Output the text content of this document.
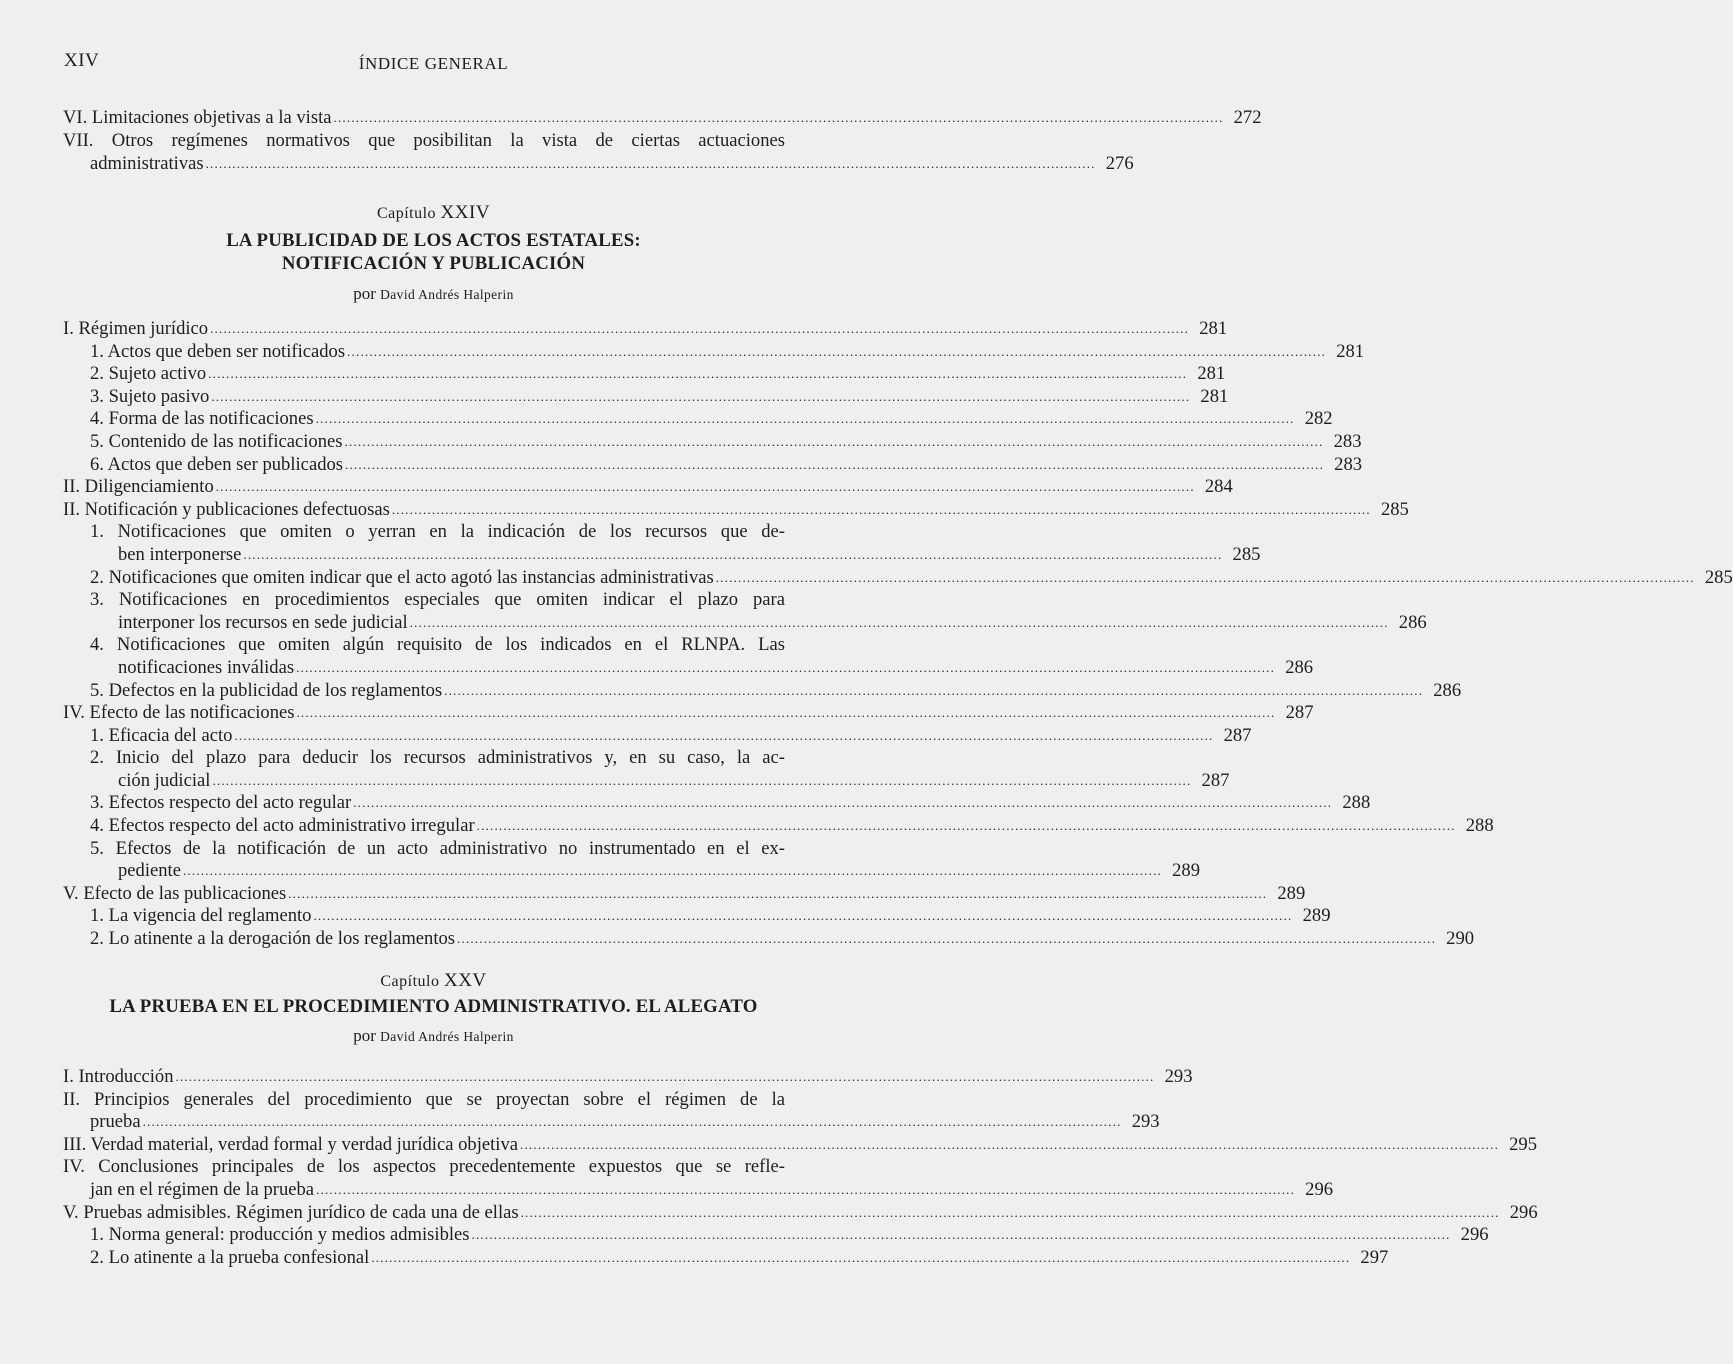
XIV	ÍNDICE GENERAL
VI. Limitaciones objetivas a la vista ........................................................................................................................................................................................................ 272
VII. Otros regímenes normativos que posibilitan la vista de ciertas actuaciones
administrativas ........................................................................................................................................................................................................ 276
Capítulo XXIV
LA PUBLICIDAD DE LOS ACTOS ESTATALES:
NOTIFICACIÓN Y PUBLICACIÓN
por David Andrés Halperin
I. Régimen jurídico ............................................................................................................................................................................................................................ 281
1. Actos que deben ser notificados ............................................................................................................................................................................................................................ 281
2. Sujeto activo ............................................................................................................................................................................................................................ 281
3. Sujeto pasivo ............................................................................................................................................................................................................................ 281
4. Forma de las notificaciones ............................................................................................................................................................................................................................ 282
5. Contenido de las notificaciones ............................................................................................................................................................................................................................ 283
6. Actos que deben ser publicados ............................................................................................................................................................................................................................ 283
II. Diligenciamiento ............................................................................................................................................................................................................................ 284
II. Notificación y publicaciones defectuosas ............................................................................................................................................................................................................................ 285
1. Notificaciones que omiten o yerran en la indicación de los recursos que de-
ben interponerse ............................................................................................................................................................................................................................ 285
2. Notificaciones que omiten indicar que el acto agotó las instancias administrativas ............................................................................................................................................................................................................................ 285
3. Notificaciones en procedimientos especiales que omiten indicar el plazo para
interponer los recursos en sede judicial ............................................................................................................................................................................................................................ 286
4. Notificaciones que omiten algún requisito de los indicados en el RLNPA. Las
notificaciones inválidas ............................................................................................................................................................................................................................ 286
5. Defectos en la publicidad de los reglamentos ............................................................................................................................................................................................................................ 286
IV. Efecto de las notificaciones ............................................................................................................................................................................................................................ 287
1. Eficacia del acto ............................................................................................................................................................................................................................ 287
2. Inicio del plazo para deducir los recursos administrativos y, en su caso, la ac-
ción judicial ............................................................................................................................................................................................................................ 287
3. Efectos respecto del acto regular ............................................................................................................................................................................................................................ 288
4. Efectos respecto del acto administrativo irregular ............................................................................................................................................................................................................................ 288
5. Efectos de la notificación de un acto administrativo no instrumentado en el ex-
pediente ............................................................................................................................................................................................................................ 289
V. Efecto de las publicaciones ............................................................................................................................................................................................................................ 289
1. La vigencia del reglamento ............................................................................................................................................................................................................................ 289
2. Lo atinente a la derogación de los reglamentos ............................................................................................................................................................................................................................ 290
Capítulo XXV
LA PRUEBA EN EL PROCEDIMIENTO ADMINISTRATIVO. EL ALEGATO
por David Andrés Halperin
I. Introducción ............................................................................................................................................................................................................................ 293
II. Principios generales del procedimiento que se proyectan sobre el régimen de la
prueba ............................................................................................................................................................................................................................ 293
III. Verdad material, verdad formal y verdad jurídica objetiva ............................................................................................................................................................................................................................ 295
IV. Conclusiones principales de los aspectos precedentemente expuestos que se refle-
jan en el régimen de la prueba ............................................................................................................................................................................................................................ 296
V. Pruebas admisibles. Régimen jurídico de cada una de ellas ............................................................................................................................................................................................................................ 296
1. Norma general: producción y medios admisibles ............................................................................................................................................................................................................................ 296
2. Lo atinente a la prueba confesional ............................................................................................................................................................................................................................ 297
